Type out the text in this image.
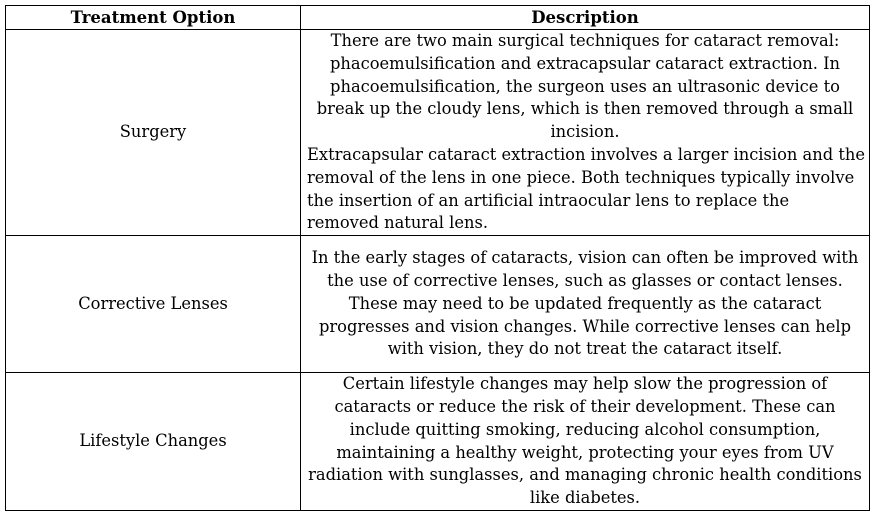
Treatment Option	Description
Surgery	There are two main surgical techniques for cataract removal: phacoemulsification and extracapsular cataract extraction. In phacoemulsification, the surgeon uses an ultrasonic device to break up the cloudy lens, which is then removed through a small incision.
Extracapsular cataract extraction involves a larger incision and the removal of the lens in one piece. Both techniques typically involve the insertion of an artificial intraocular lens to replace the removed natural lens.

Corrective Lenses	In the early stages of cataracts, vision can often be improved with the use of corrective lenses, such as glasses or contact lenses. These may need to be updated frequently as the cataract progresses and vision changes. While corrective lenses can help with vision, they do not treat the cataract itself.
Lifestyle Changes	Certain lifestyle changes may help slow the progression of cataracts or reduce the risk of their development. These can include quitting smoking, reducing alcohol consumption, maintaining a healthy weight, protecting your eyes from UV radiation with sunglasses, and managing chronic health conditions like diabetes.
